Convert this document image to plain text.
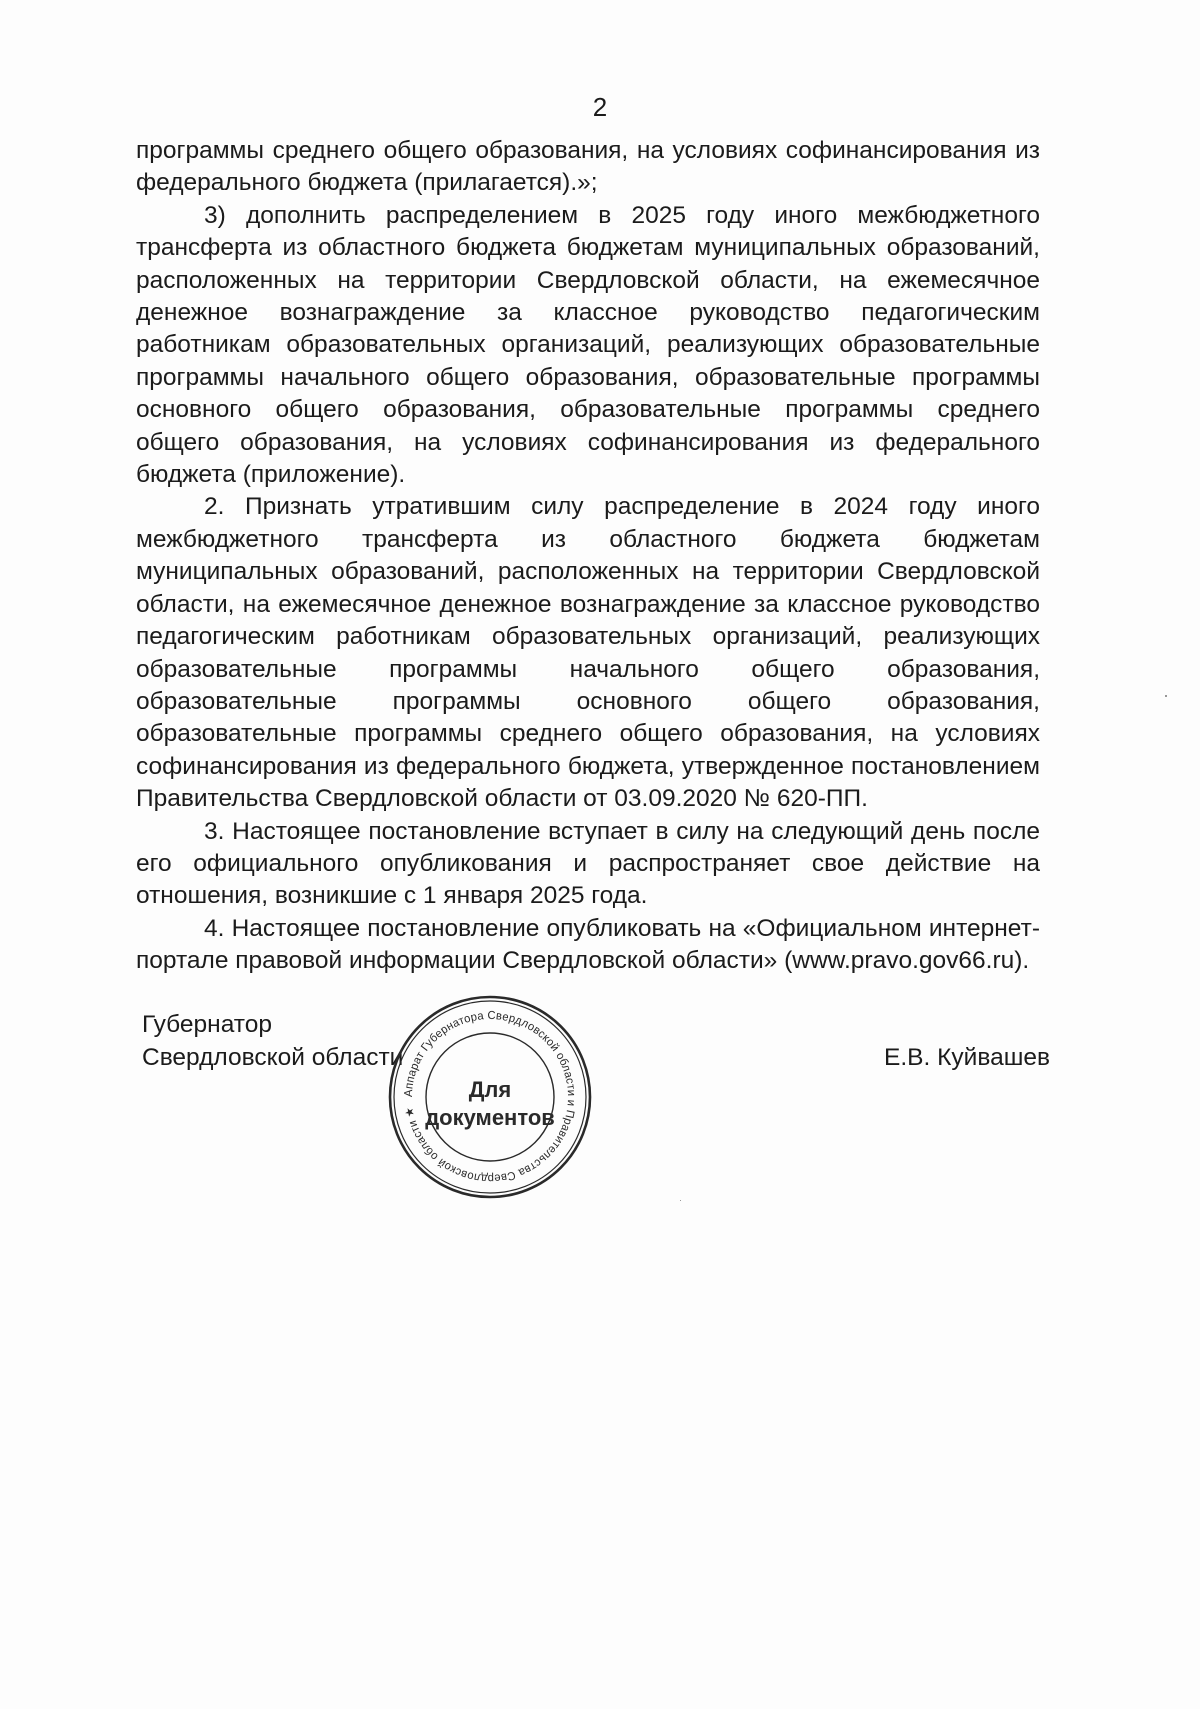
2

программы среднего общего образования, на условиях софинансирования из федерального бюджета (прилагается).»;

3) дополнить распределением в 2025 году иного межбюджетного трансферта из областного бюджета бюджетам муниципальных образований, расположенных на территории Свердловской области, на ежемесячное денежное вознаграждение за классное руководство педагогическим работникам образовательных организаций, реализующих образовательные программы начального общего образования, образовательные программы основного общего образования, образовательные программы среднего общего образования, на условиях софинансирования из федерального бюджета (приложение).

2. Признать утратившим силу распределение в 2024 году иного межбюджетного трансферта из областного бюджета бюджетам муниципальных образований, расположенных на территории Свердловской области, на ежемесячное денежное вознаграждение за классное руководство педагогическим работникам образовательных организаций, реализующих образовательные программы начального общего образования, образовательные программы основного общего образования, образовательные программы среднего общего образования, на условиях софинансирования из федерального бюджета, утвержденное постановлением Правительства Свердловской области от 03.09.2020 № 620-ПП.

3. Настоящее постановление вступает в силу на следующий день после его официального опубликования и распространяет свое действие на отношения, возникшие с 1 января 2025 года.

4. Настоящее постановление опубликовать на «Официальном интернет-портале правовой информации Свердловской области» (www.pravo.gov66.ru).

Губернатор
Свердловской области	Е.В. Куйвашев
Аппарат Губернатора Свердловской области и Правительства Свердловской области ★
Для
документов
